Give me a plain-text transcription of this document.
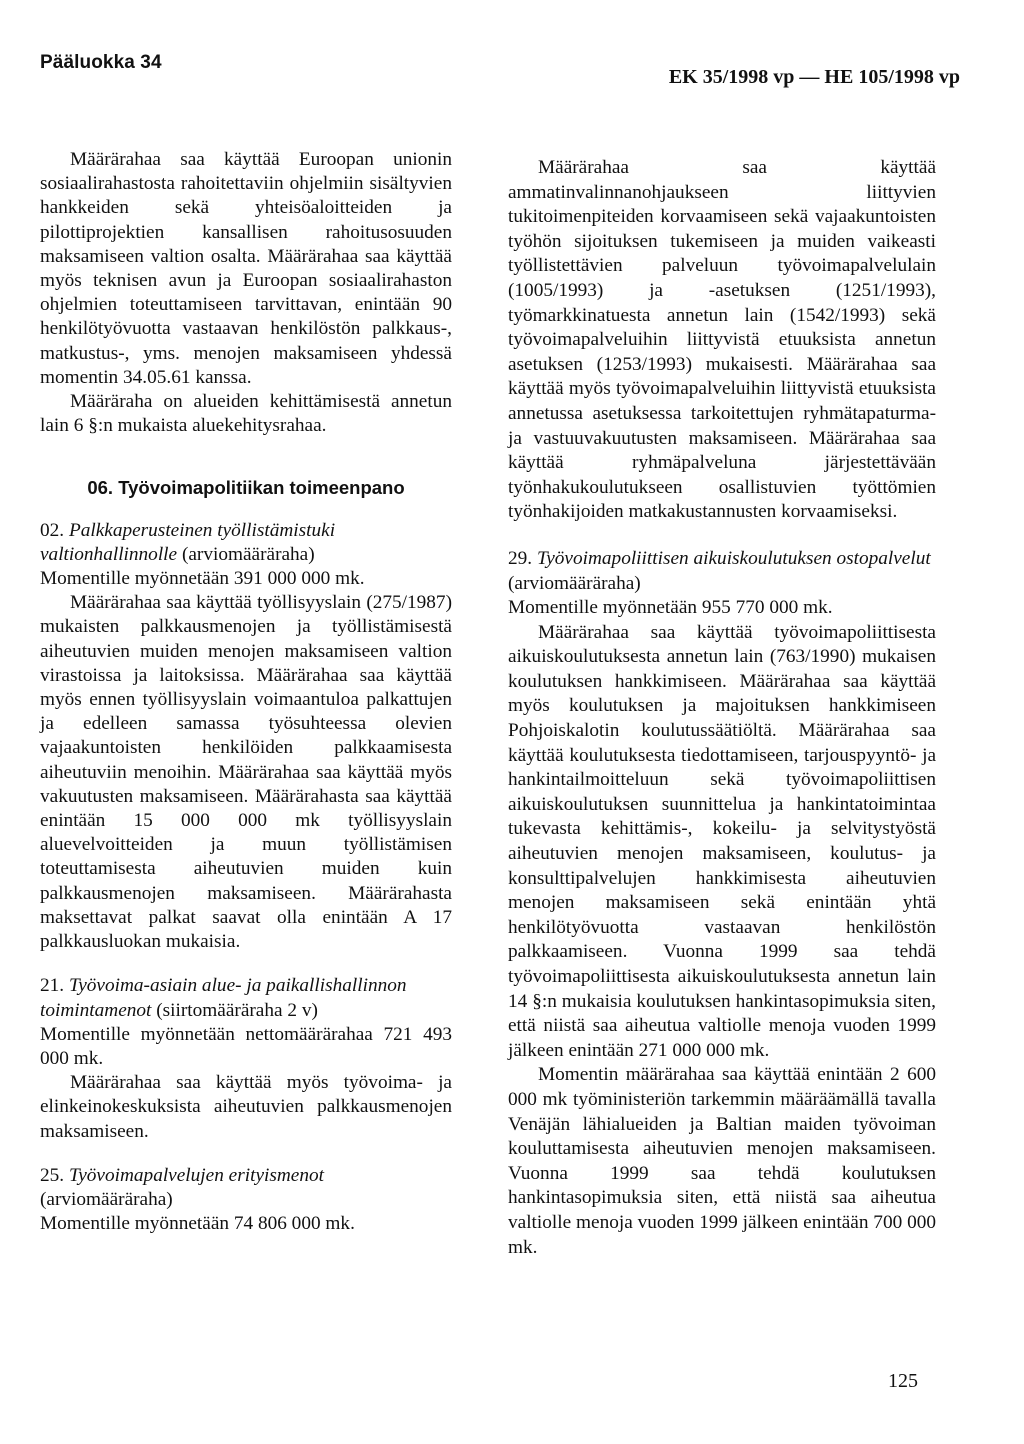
Pääluokka 34
EK 35/1998 vp — HE 105/1998 vp

Määrärahaa saa käyttää Euroopan unionin sosiaalirahastosta rahoitettaviin ohjelmiin sisältyvien hankkeiden sekä yhteisöaloitteiden ja pilottiprojektien kansallisen rahoitusosuuden maksamiseen valtion osalta. Määrärahaa saa käyttää myös teknisen avun ja Euroopan sosiaalirahaston ohjelmien toteuttamiseen tarvittavan, enintään 90 henkilötyövuotta vastaavan henkilöstön palkkaus-, matkustus-, yms. menojen maksamiseen yhdessä momentin 34.05.61 kanssa.

Määräraha on alueiden kehittämisestä annetun lain 6 §:n mukaista aluekehitysrahaa.

06. Työvoimapolitiikan toimeenpano

02. Palkkaperusteinen työllistämistuki valtionhallinnolle (arviomääräraha)

Momentille myönnetään 391 000 000 mk.

Määrärahaa saa käyttää työllisyyslain (275/1987) mukaisten palkkausmenojen ja työllistämisestä aiheutuvien muiden menojen maksamiseen valtion virastoissa ja laitoksissa. Määrärahaa saa käyttää myös ennen työllisyyslain voimaantuloa palkattujen ja edelleen samassa työsuhteessa olevien vajaakuntoisten henkilöiden palkkaamisesta aiheutuviin menoihin. Määrärahaa saa käyttää myös vakuutusten maksamiseen. Määrärahasta saa käyttää enintään 15 000 000 mk työllisyyslain aluevelvoitteiden ja muun työllistämisen toteuttamisesta aiheutuvien muiden kuin palkkausmenojen maksamiseen. Määrärahasta maksettavat palkat saavat olla enintään A 17 palkkausluokan mukaisia.

21. Työvoima-asiain alue- ja paikallishallinnon toimintamenot (siirtomääräraha 2 v)

Momentille myönnetään nettomäärärahaa 721 493 000 mk.

Määrärahaa saa käyttää myös työvoima- ja elinkeinokeskuksista aiheutuvien palkkausmenojen maksamiseen.

25. Työvoimapalvelujen erityismenot (arviomääräraha)

Momentille myönnetään 74 806 000 mk.

Määrärahaa saa käyttää ammatinvalinnanohjaukseen liittyvien tukitoimenpiteiden korvaamiseen sekä vajaakuntoisten työhön sijoituksen tukemiseen ja muiden vaikeasti työllistettävien palveluun työvoimapalvelulain (1005/1993) ja -asetuksen (1251/1993), työmarkkinatuesta annetun lain (1542/1993) sekä työvoimapalveluihin liittyvistä etuuksista annetun asetuksen (1253/1993) mukaisesti. Määrärahaa saa käyttää myös työvoimapalveluihin liittyvistä etuuksista annetussa asetuksessa tarkoitettujen ryhmätapaturma- ja vastuuvakuutusten maksamiseen. Määrärahaa saa käyttää ryhmäpalveluna järjestettävään työnhakukoulutukseen osallistuvien työttömien työnhakijoiden matkakustannusten korvaamiseksi.

29. Työvoimapoliittisen aikuiskoulutuksen ostopalvelut (arviomääräraha)

Momentille myönnetään 955 770 000 mk.

Määrärahaa saa käyttää työvoimapoliittisesta aikuiskoulutuksesta annetun lain (763/1990) mukaisen koulutuksen hankkimiseen. Määrärahaa saa käyttää myös koulutuksen ja majoituksen hankkimiseen Pohjoiskalotin koulutussäätiöltä. Määrärahaa saa käyttää koulutuksesta tiedottamiseen, tarjouspyyntö- ja hankintailmoitteluun sekä työvoimapoliittisen aikuiskoulutuksen suunnittelua ja hankintatoimintaa tukevasta kehittämis-, kokeilu- ja selvitystyöstä aiheutuvien menojen maksamiseen, koulutus- ja konsulttipalvelujen hankkimisesta aiheutuvien menojen maksamiseen sekä enintään yhtä henkilötyövuotta vastaavan henkilöstön palkkaamiseen. Vuonna 1999 saa tehdä työvoimapoliittisesta aikuiskoulutuksesta annetun lain 14 §:n mukaisia koulutuksen hankintasopimuksia siten, että niistä saa aiheutua valtiolle menoja vuoden 1999 jälkeen enintään 271 000 000 mk.

Momentin määrärahaa saa käyttää enintään 2 600 000 mk työministeriön tarkemmin määräämällä tavalla Venäjän lähialueiden ja Baltian maiden työvoiman kouluttamisesta aiheutuvien menojen maksamiseen. Vuonna 1999 saa tehdä koulutuksen hankintasopimuksia siten, että niistä saa aiheutua valtiolle menoja vuoden 1999 jälkeen enintään 700 000 mk.

125
